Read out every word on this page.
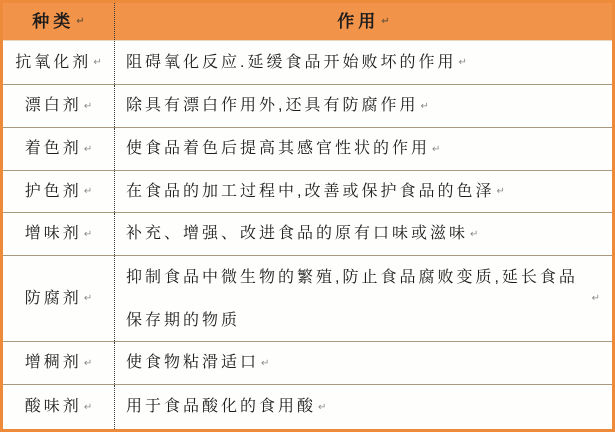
种类 ↵	作用 ↵
抗氧化剂 ↵ 阻碍氧化反应.延缓食品开始败坏的作用 ↵
漂白剂 ↵ 除具有漂白作用外,还具有防腐作用 ↵
着色剂 ↵ 使食品着色后提高其感官性状的作用 ↵
护色剂 ↵ 在食品的加工过程中,改善或保护食品的色泽 ↵
增味剂 ↵ 补充、增强、改进食品的原有口味或滋味 ↵
防腐剂 ↵
抑制食品中微生物的繁殖,防止食品腐败变质,延长食品保存期的物质
↵
增稠剂 ↵ 使食物粘滑适口 ↵
酸味剂 ↵ 用于食品酸化的食用酸 ↵
